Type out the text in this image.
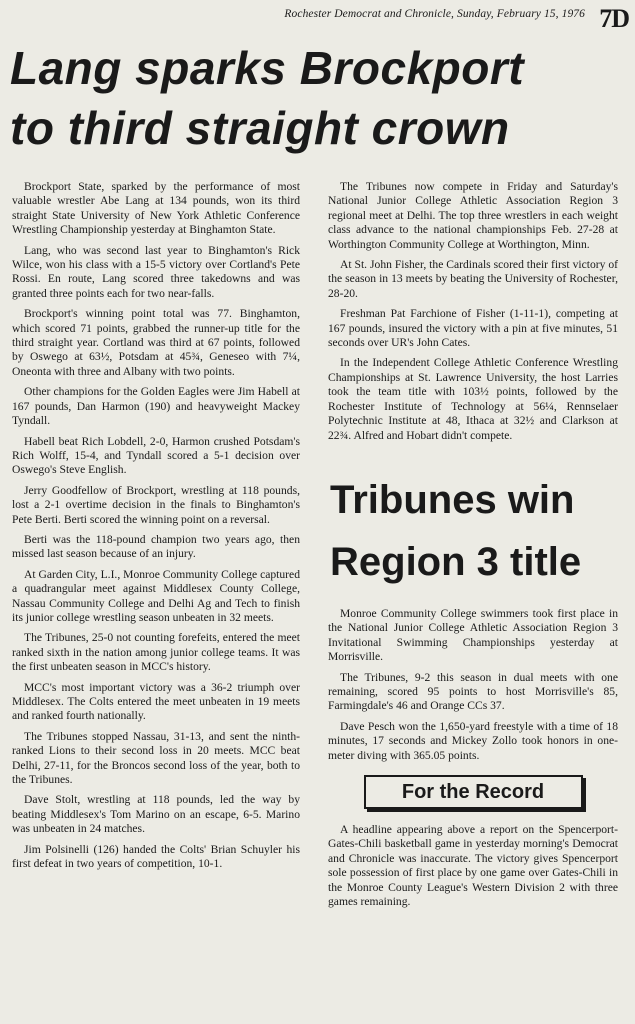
Rochester Democrat and Chronicle, Sunday, February 15, 1976 7D
Lang sparks Brockport
to third straight crown

Brockport State, sparked by the performance of most valuable wrestler Abe Lang at 134 pounds, won its third straight State University of New York Athletic Conference Wrestling Championship yesterday at Binghamton State.

Lang, who was second last year to Binghamton's Rick Wilce, won his class with a 15-5 victory over Cortland's Pete Rossi. En route, Lang scored three takedowns and was granted three points each for two near-falls.

Brockport's winning point total was 77. Binghamton, which scored 71 points, grabbed the runner-up title for the third straight year. Cortland was third at 67 points, followed by Oswego at 63½, Potsdam at 45¾, Geneseo with 7¼, Oneonta with three and Albany with two points.

Other champions for the Golden Eagles were Jim Habell at 167 pounds, Dan Harmon (190) and heavyweight Mackey Tyndall.

Habell beat Rich Lobdell, 2-0, Harmon crushed Potsdam's Rich Wolff, 15-4, and Tyndall scored a 5-1 decision over Oswego's Steve English.

Jerry Goodfellow of Brockport, wrestling at 118 pounds, lost a 2-1 overtime decision in the finals to Binghamton's Pete Berti. Berti scored the winning point on a reversal.

Berti was the 118-pound champion two years ago, then missed last season because of an injury.

At Garden City, L.I., Monroe Community College captured a quadrangular meet against Middlesex County College, Nassau Community College and Delhi Ag and Tech to finish its junior college wrestling season unbeaten in 32 meets.

The Tribunes, 25-0 not counting forefeits, entered the meet ranked sixth in the nation among junior college teams. It was the first unbeaten season in MCC's history.

MCC's most important victory was a 36-2 triumph over Middlesex. The Colts entered the meet unbeaten in 19 meets and ranked fourth nationally.

The Tribunes stopped Nassau, 31-13, and sent the ninth-ranked Lions to their second loss in 20 meets. MCC beat Delhi, 27-11, for the Broncos second loss of the year, both to the Tribunes.

Dave Stolt, wrestling at 118 pounds, led the way by beating Middlesex's Tom Marino on an escape, 6-5. Marino was unbeaten in 24 matches.

Jim Polsinelli (126) handed the Colts' Brian Schuyler his first defeat in two years of competition, 10-1.

The Tribunes now compete in Friday and Saturday's National Junior College Athletic Association Region 3 regional meet at Delhi. The top three wrestlers in each weight class advance to the national championships Feb. 27-28 at Worthington Community College at Worthington, Minn.

At St. John Fisher, the Cardinals scored their first victory of the season in 13 meets by beating the University of Rochester, 28-20.

Freshman Pat Farchione of Fisher (1-11-1), competing at 167 pounds, insured the victory with a pin at five minutes, 51 seconds over UR's John Cates.

In the Independent College Athletic Conference Wrestling Championships at St. Lawrence University, the host Larries took the team title with 103½ points, followed by the Rochester Institute of Technology at 56¼, Rennselaer Polytechnic Institute at 48, Ithaca at 32½ and Clarkson at 22¾. Alfred and Hobart didn't compete.

Tribunes win
Region 3 title

Monroe Community College swimmers took first place in the National Junior College Athletic Association Region 3 Invitational Swimming Championships yesterday at Morrisville.

The Tribunes, 9-2 this season in dual meets with one remaining, scored 95 points to host Morrisville's 85, Farmingdale's 46 and Orange CCs 37.

Dave Pesch won the 1,650-yard freestyle with a time of 18 minutes, 17 seconds and Mickey Zollo took honors in one-meter diving with 365.05 points.

For the Record

A headline appearing above a report on the Spencerport-Gates-Chili basketball game in yesterday morning's Democrat and Chronicle was inaccurate. The victory gives Spencerport sole possession of first place by one game over Gates-Chili in the Monroe County League's Western Division 2 with three games remaining.
